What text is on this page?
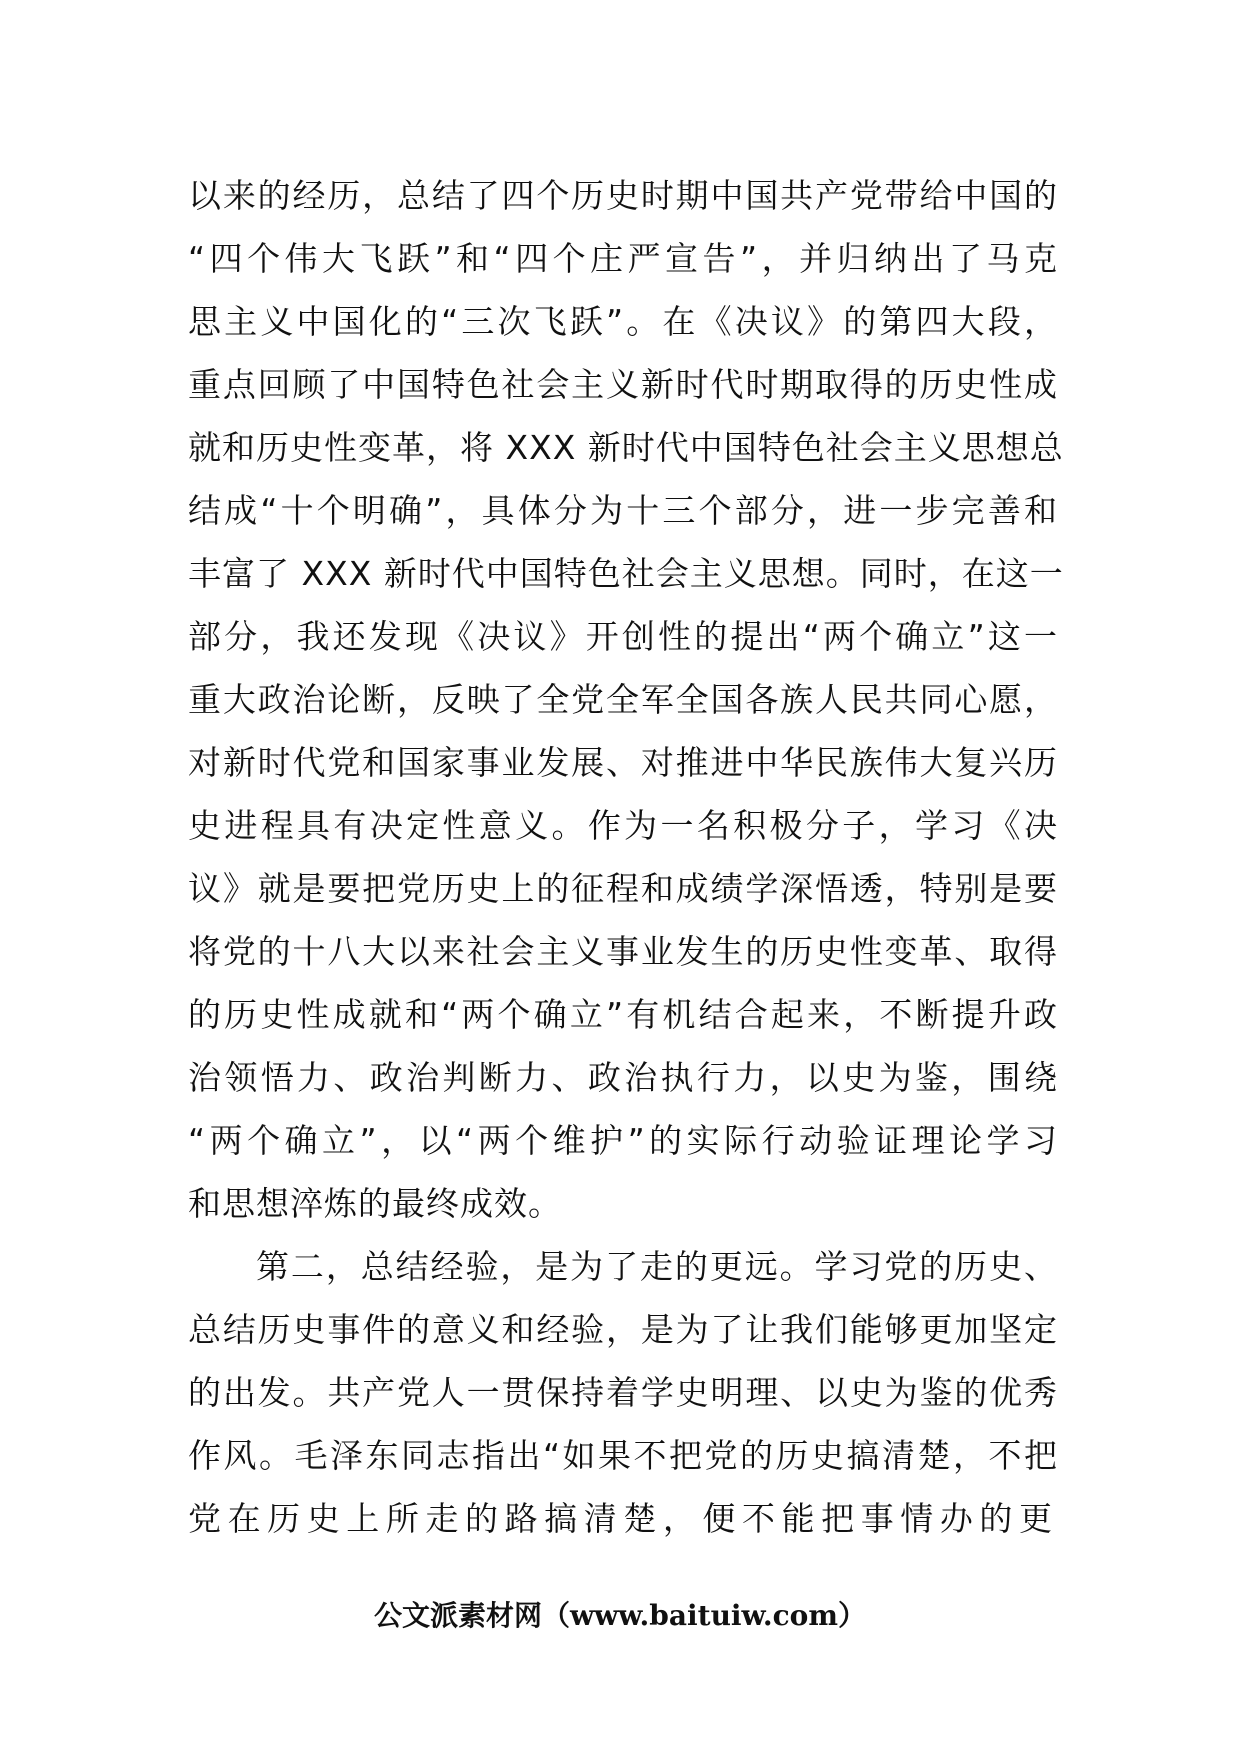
以来的经历，总结了四个历史时期中国共产党带给中国的
“四个伟大飞跃”和“四个庄严宣告”，并归纳出了马克
思主义中国化的“三次飞跃”。在《决议》的第四大段，
重点回顾了中国特色社会主义新时代时期取得的历史性成
就和历史性变革，将 XXX 新时代中国特色社会主义思想总
结成“十个明确”，具体分为十三个部分，进一步完善和
丰富了 XXX 新时代中国特色社会主义思想。同时，在这一
部分，我还发现《决议》开创性的提出“两个确立”这一
重大政治论断，反映了全党全军全国各族人民共同心愿，
对新时代党和国家事业发展、对推进中华民族伟大复兴历
史进程具有决定性意义。作为一名积极分子，学习《决
议》就是要把党历史上的征程和成绩学深悟透，特别是要
将党的十八大以来社会主义事业发生的历史性变革、取得
的历史性成就和“两个确立”有机结合起来，不断提升政
治领悟力、政治判断力、政治执行力，以史为鉴，围绕
“两个确立”，以“两个维护”的实际行动验证理论学习
和思想淬炼的最终成效。
第二，总结经验，是为了走的更远。学习党的历史、
总结历史事件的意义和经验，是为了让我们能够更加坚定
的出发。共产党人一贯保持着学史明理、以史为鉴的优秀
作风。毛泽东同志指出“如果不把党的历史搞清楚，不把
党在历史上所走的路搞清楚，便不能把事情办的更
公文派素材网（www.baituiw.com）
